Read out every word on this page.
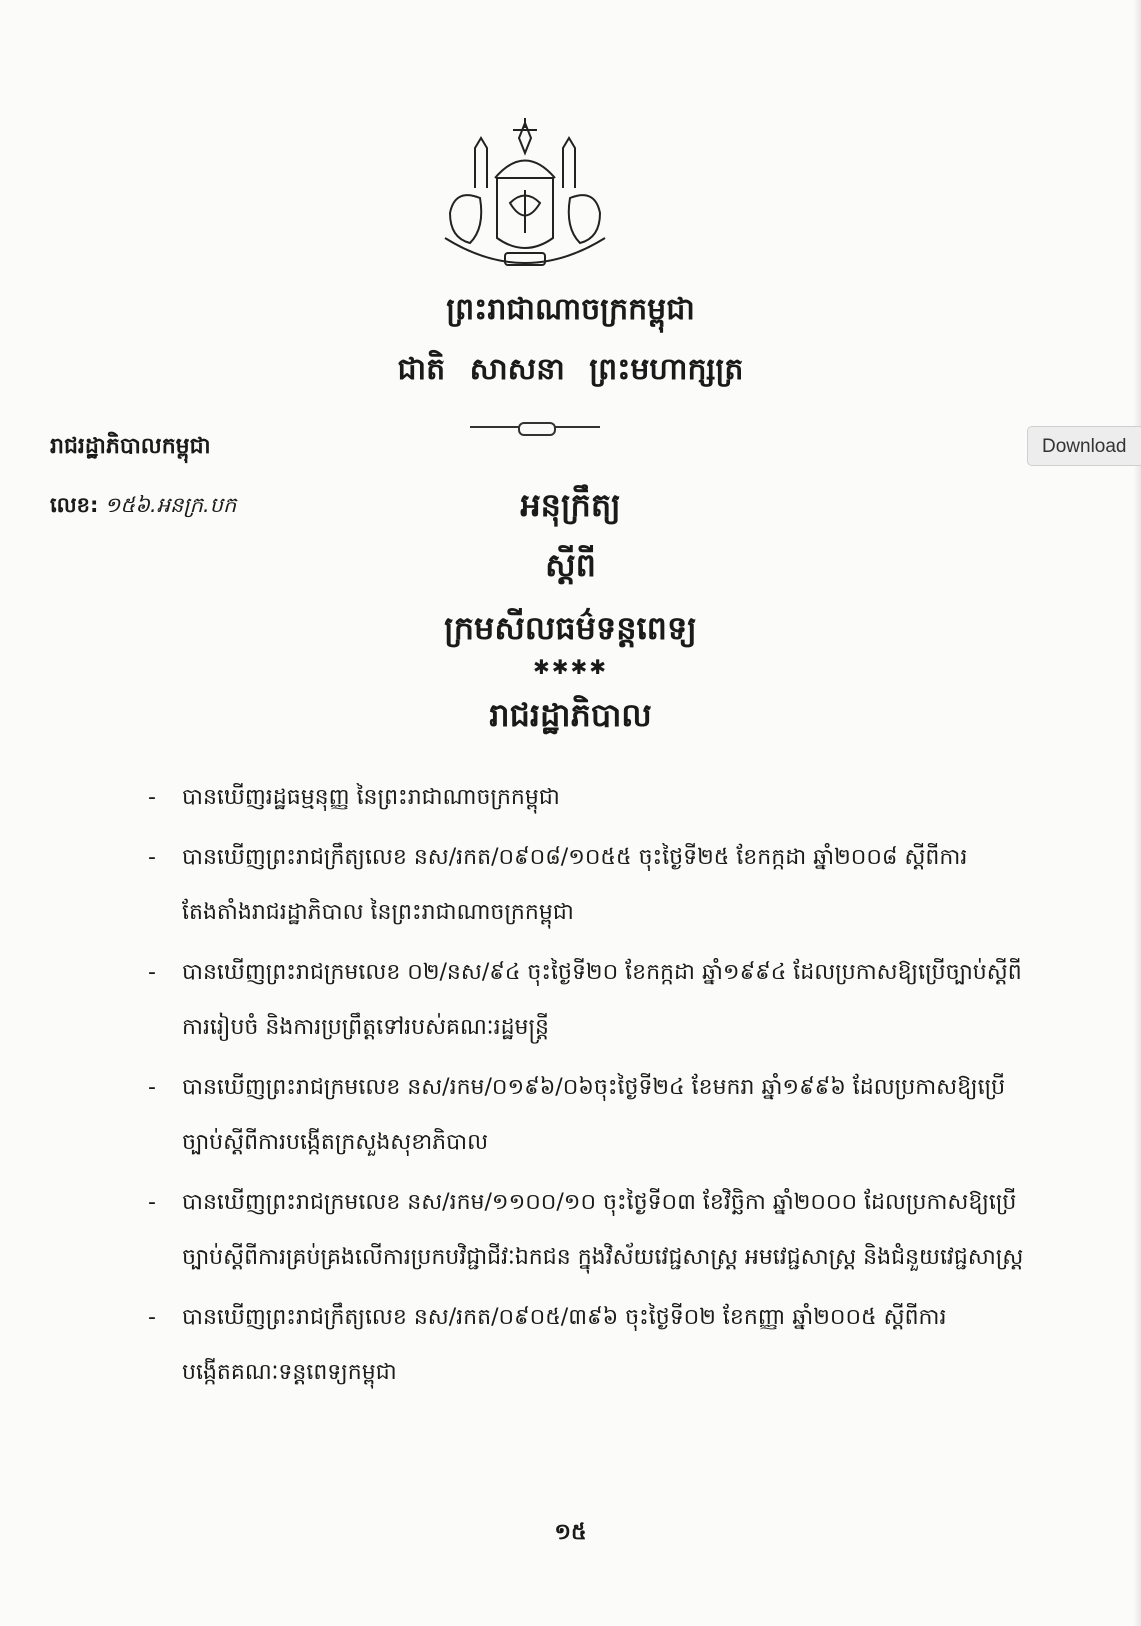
ព្រះរាជាណាចក្រកម្ពុជា
ជាតិ សាសនា ព្រះមហាក្សត្រ
រាជរដ្ឋាភិបាលកម្ពុជា
លេខ: ១៥៦.អនក្រ.បក	អនុក្រឹត្យ
ស្តីពី
ក្រមសីលធម៌ទន្តពេទ្យ
✱✱✱✱
រាជរដ្ឋាភិបាល
- បានឃើញរដ្ឋធម្មនុញ្ញ នៃព្រះរាជាណាចក្រកម្ពុជា
- បានឃើញព្រះរាជក្រឹត្យលេខ នស/រកត/០៩០៨/១០៥៥ ចុះថ្ងៃទី២៥ ខែកក្កដា ឆ្នាំ២០០៨ ស្តីពីការតែងតាំងរាជរដ្ឋាភិបាល នៃព្រះរាជាណាចក្រកម្ពុជា
- បានឃើញព្រះរាជក្រមលេខ ០២/នស/៩៤ ចុះថ្ងៃទី២០ ខែកក្កដា ឆ្នាំ១៩៩៤ ដែលប្រកាសឱ្យប្រើច្បាប់ស្តីពីការរៀបចំ និងការប្រព្រឹត្តទៅរបស់គណៈរដ្ឋមន្ត្រី
- បានឃើញព្រះរាជក្រមលេខ នស/រកម/០១៩៦/០៦ចុះថ្ងៃទី២៤ ខែមករា ឆ្នាំ១៩៩៦ ដែលប្រកាសឱ្យប្រើច្បាប់ស្តីពីការបង្កើតក្រសួងសុខាភិបាល
- បានឃើញព្រះរាជក្រមលេខ នស/រកម/១១០០/១០ ចុះថ្ងៃទី០៣ ខែវិច្ឆិកា ឆ្នាំ២០០០ ដែលប្រកាសឱ្យប្រើច្បាប់ស្តីពីការគ្រប់គ្រងលើការប្រកបវិជ្ជាជីវៈឯកជន ក្នុងវិស័យវេជ្ជសាស្ត្រ អមវេជ្ជសាស្ត្រ និងជំនួយវេជ្ជសាស្ត្រ
- បានឃើញព្រះរាជក្រឹត្យលេខ នស/រកត/០៩០៥/៣៩៦ ចុះថ្ងៃទី០២ ខែកញ្ញា ឆ្នាំ២០០៥ ស្តីពីការបង្កើតគណៈទន្តពេទ្យកម្ពុជា
១៥
Download
